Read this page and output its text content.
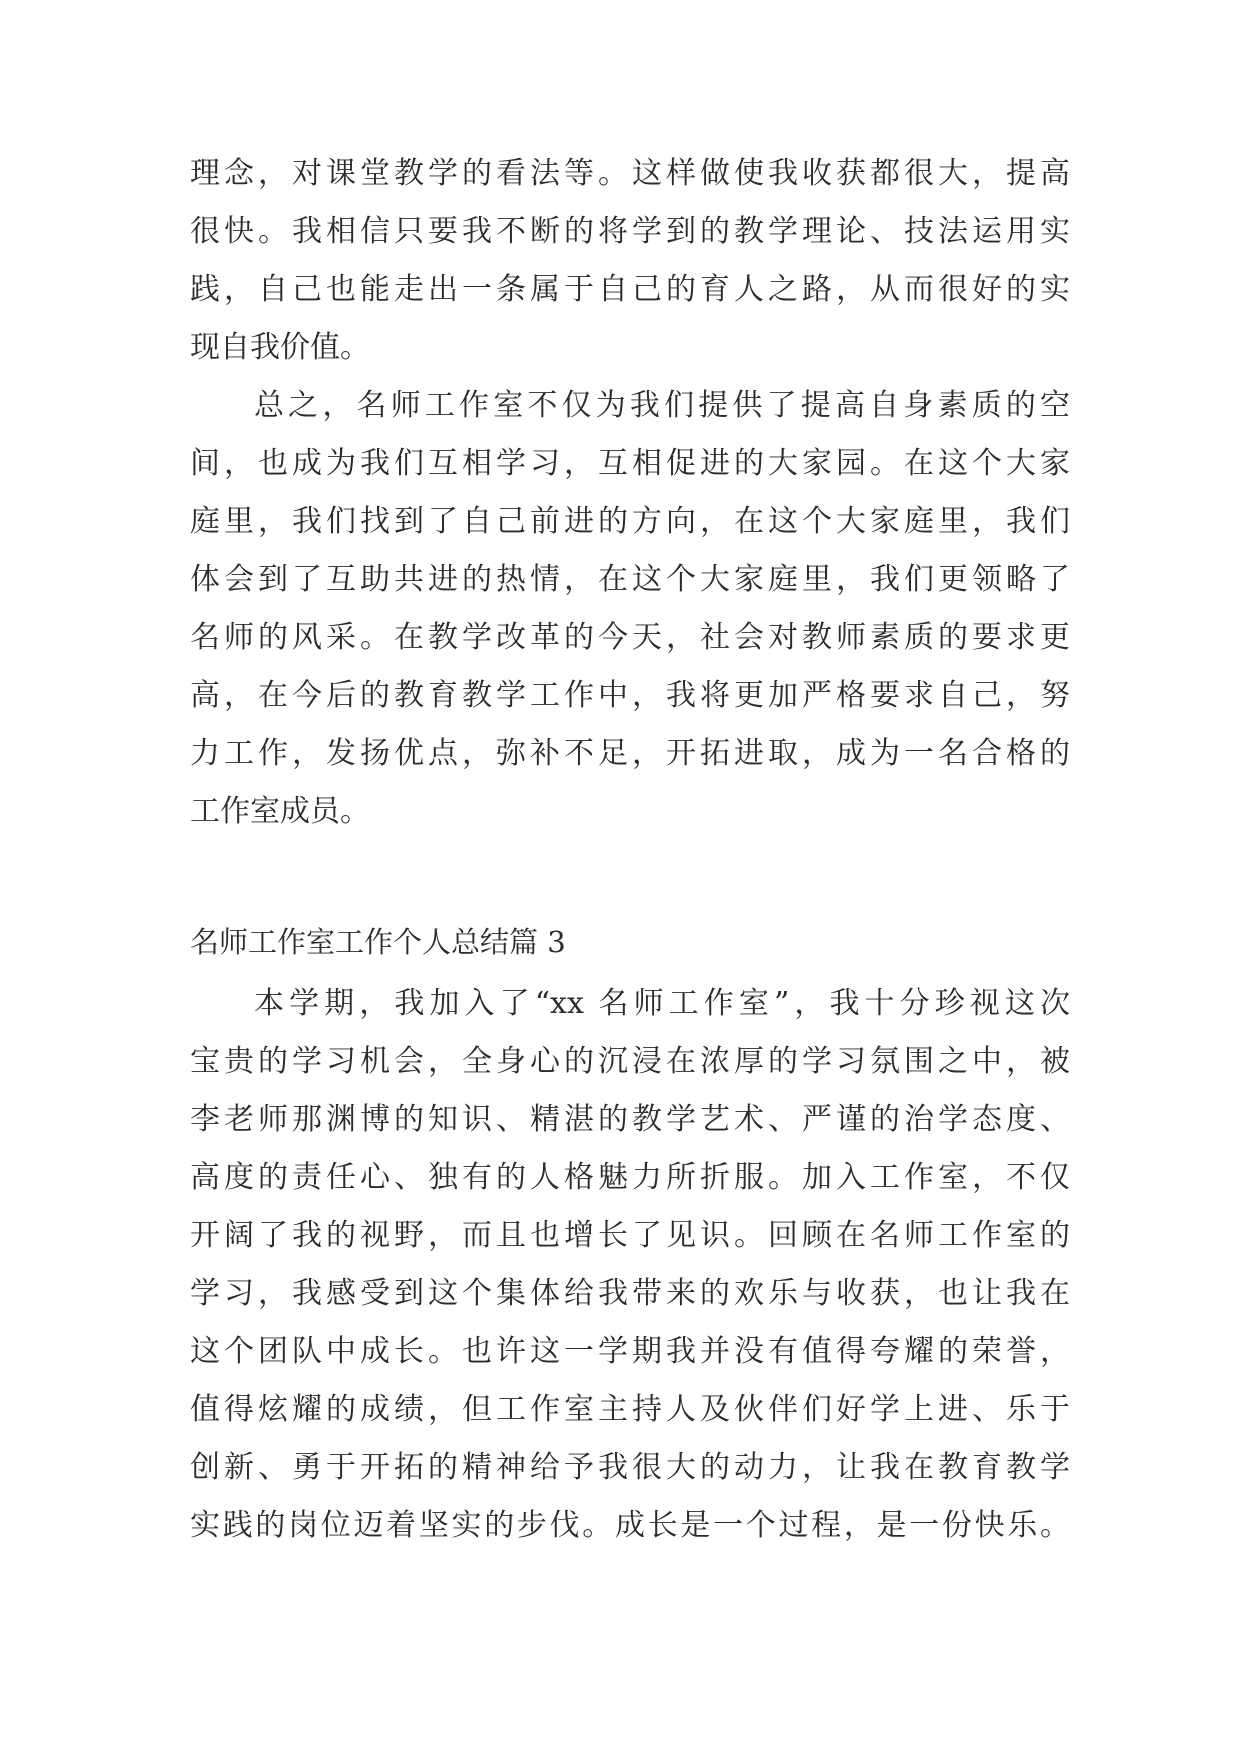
理念，对课堂教学的看法等。这样做使我收获都很大，提高
很快。我相信只要我不断的将学到的教学理论、技法运用实
践，自己也能走出一条属于自己的育人之路，从而很好的实
现自我价值。
总之，名师工作室不仅为我们提供了提高自身素质的空
间，也成为我们互相学习，互相促进的大家园。在这个大家
庭里，我们找到了自己前进的方向，在这个大家庭里，我们
体会到了互助共进的热情，在这个大家庭里，我们更领略了
名师的风采。在教学改革的今天，社会对教师素质的要求更
高，在今后的教育教学工作中，我将更加严格要求自己，努
力工作，发扬优点，弥补不足，开拓进取，成为一名合格的
工作室成员。
名师工作室工作个人总结篇 3
本学期，我加入了“xx 名师工作室”，我十分珍视这次
宝贵的学习机会，全身心的沉浸在浓厚的学习氛围之中，被
李老师那渊博的知识、精湛的教学艺术、严谨的治学态度、
高度的责任心、独有的人格魅力所折服。加入工作室，不仅
开阔了我的视野，而且也增长了见识。回顾在名师工作室的
学习，我感受到这个集体给我带来的欢乐与收获，也让我在
这个团队中成长。也许这一学期我并没有值得夸耀的荣誉，
值得炫耀的成绩，但工作室主持人及伙伴们好学上进、乐于
创新、勇于开拓的精神给予我很大的动力，让我在教育教学
实践的岗位迈着坚实的步伐。成长是一个过程，是一份快乐。
